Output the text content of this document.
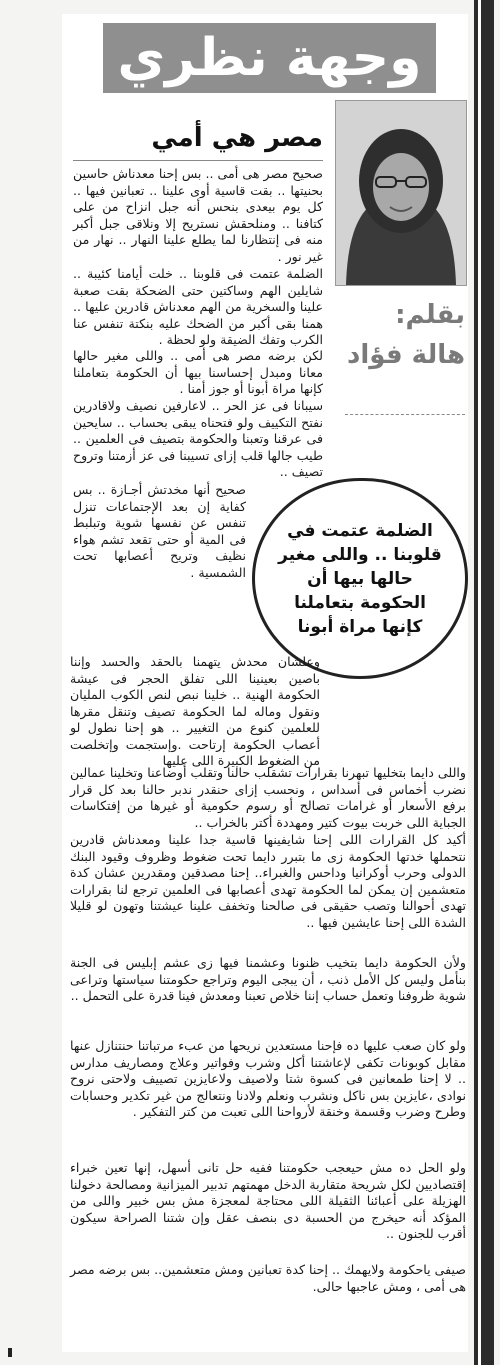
وجهة نظري
مصر هي أمي
بقلم:
هالة فؤاد

صحيح مصر هى أمى .. بس إحنا معدناش حاسين بحنيتها .. بقت قاسية أوى علينا .. تعبانين فيها .. كل يوم بيعدى بنحس أنه جبل انزاح من على كتافنا .. ومنلحقش نستريح إلا ونلاقى جبل أكبر منه فى إنتظارنا لما يطلع علينا النهار .. نهار من غير نور .

الضلمة عتمت فى قلوبنا .. خلت أيامنا كئيبة .. شايلين الهم وساكتين حتى الضحكة بقت صعبة علينا والسخرية من الهم معدناش قادرين عليها .. همنا بقى أكبر من الضحك عليه بنكتة تنفس عنا الكرب وتفك الضيقة ولو لحظة .

لكن برضه مصر هى أمى .. واللى مغير حالها معانا ومبدل إحساسنا بيها أن الحكومة بتعاملنا كإنها مراة أبونا أو جوز أمنا .

سيبانا فى عز الحر .. لاعارفين نصيف ولاقادرين نفتح التكييف ولو فتحناه يبقى بحساب .. سايحين فى عرقنا وتعبنا والحكومة بتصيف فى العلمين .. طيب جالها قلب إزاى تسيبنا فى عز أزمتنا وتروح تصيف ..

الضلمة عتمت في قلوبنا .. واللى مغير حالها بيها أن الحكومة بتعاملنا كإنها مراة أبونا

صحيح أنها مخدتش أجـازة .. بس كفاية إن بعد الإجتماعات تنزل تنفس عن نفسها شوية وتبلبط فى المية أو حتى تقعد تشم هواء نظيف وتريح أعصابها تحت الشمسية .

وعلشان محدش يتهمنا بالحقد والحسد وإننا باصين بعينينا اللى تفلق الحجر فى عيشة الحكومة الهنية .. خلينا نبص لنص الكوب المليان ونقول وماله لما الحكومة تصيف وتنقل مقرها للعلمين كنوع من التغيير .. هو إحنا نطول لو أعصاب الحكومة إرتاحت .وإستجمت وإتخلصت من الضغوط الكبيرة اللى عليها

واللى دايما بتخليها تبهرنا بقرارات تشقلب حالنا وتقلب أوضاعنا وتخلينا عمالين نضرب أخماس فى أسداس ، ونحسب إزاى حنقدر ندبر حالنا بعد كل قرار برفع الأسعار أو غرامات تصالح أو رسوم حكومية أو غيرها من إفتكاسات الجباية اللى خربت بيوت كتير ومهددة أكتر بالخراب ..

أكيد كل القرارات اللى إحنا شايفينها قاسية جدا علينا ومعدناش قادرين نتحملها خدتها الحكومة زى ما بتبرر دايما تحت ضغوط وظروف وقيود البنك الدولى وحرب أوكرانيا وداحس والغبراء.. إحنا مصدقين ومقدرين عشان كدة متعشمين إن يمكن لما الحكومة تهدى أعصابها فى العلمين ترجع لنا بقرارات تهدى أحوالنا وتصب حقيقى فى صالحنا وتخفف علينا عيشتنا وتهون لو قليلا الشدة اللى إحنا عايشين فيها ..

ولأن الحكومة دايما بتخيب ظنونا وعشمنا فيها زى عشم إبليس فى الجنة بنأمل وليس كل الأمل ذنب ، أن يبجى اليوم وتراجع حكومتنا سياستها وتراعى شوية ظروفنا وتعمل حساب إننا خلاص تعبنا ومعدش فينا قدرة على التحمل ..

ولو كان صعب عليها ده فإحنا مستعدين نريحها من عبء مرتباتنا حنتنازل عنها مقابل كوبونات تكفى لإعاشتنا أكل وشرب وفواتير وعلاج ومصاريف مدارس .. لا إحنا طمعانين فى كسوة شتا ولاصيف ولاعايزين تصييف ولاحتى نروح نوادى ،عايزين بس ناكل ونشرب ونعلم ولادنا ونتعالج من غير تكدير وحسابات وطرح وضرب وقسمة وخنقة لأرواحنا اللى تعبت من كتر التفكير .

ولو الحل ده مش حيعجب حكومتنا ففيه حل تانى أسهل، إنها تعين خبراء إقتصاديين لكل شريحة متقاربة الدخل مهمتهم تدبير الميزانية ومصالحة دخولنا الهزيلة على أعبائنا الثقيلة اللى محتاجة لمعجزة مش بس خبير واللى من المؤكد أنه حيخرج من الحسبة دى بنصف عقل وإن شتنا الصراحة سيكون أقرب للجنون ..

صيفى ياحكومة ولايهمك .. إحنا كدة تعبانين ومش متعشمين.. بس برضه مصر هى أمى ، ومش عاجبها حالى.
